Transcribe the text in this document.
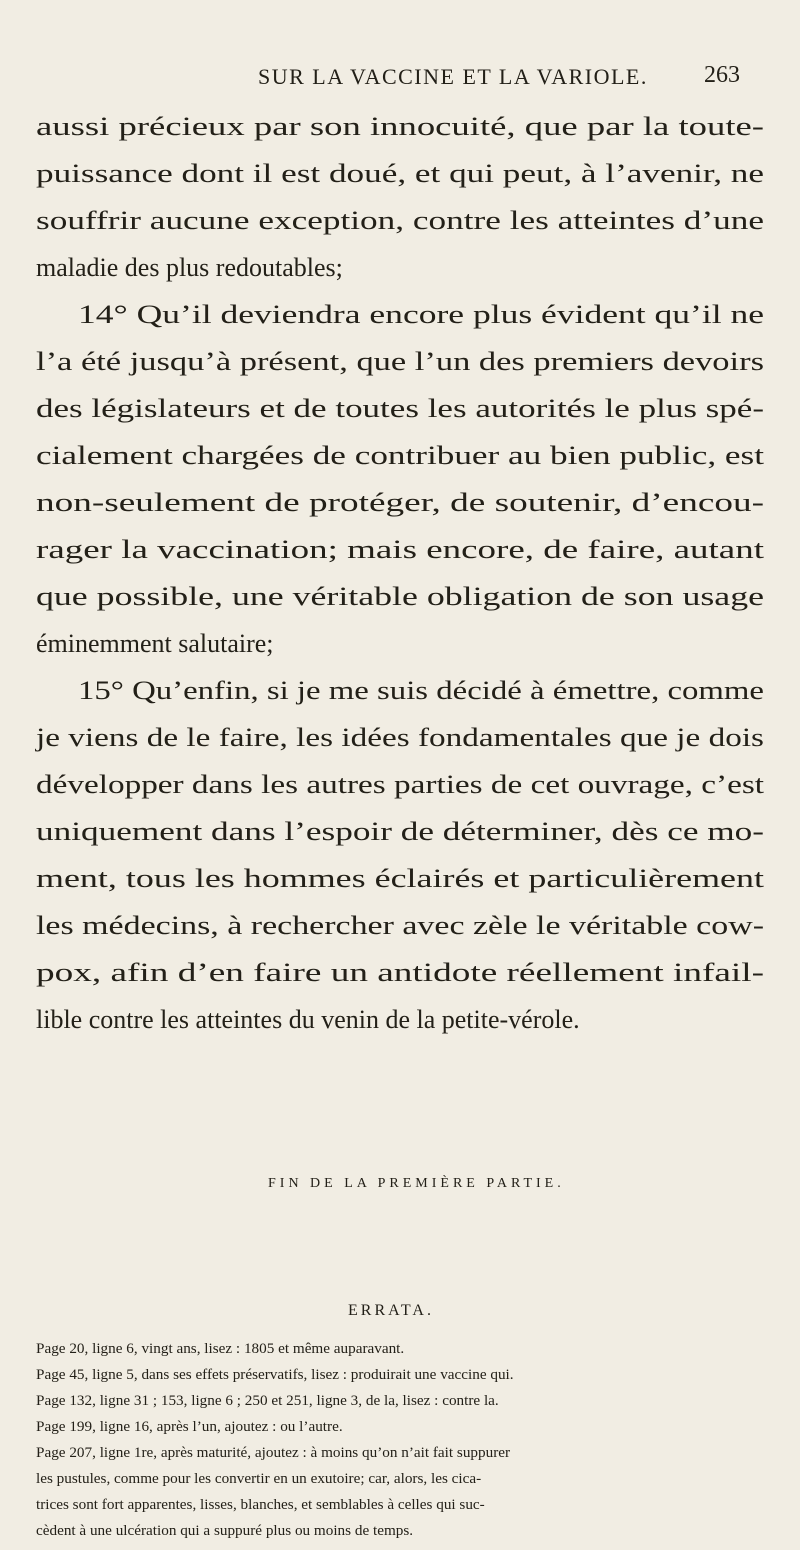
SUR LA VACCINE ET LA VARIOLE.	263
aussi précieux par son innocuité, que par la toute-
puissance dont il est doué, et qui peut, à l’avenir, ne
souffrir aucune exception, contre les atteintes d’une
maladie des plus redoutables;
14° Qu’il deviendra encore plus évident qu’il ne
l’a été jusqu’à présent, que l’un des premiers devoirs
des législateurs et de toutes les autorités le plus spé-
cialement chargées de contribuer au bien public, est
non-seulement de protéger, de soutenir, d’encou-
rager la vaccination; mais encore, de faire, autant
que possible, une véritable obligation de son usage
éminemment salutaire;
15° Qu’enfin, si je me suis décidé à émettre, comme
je viens de le faire, les idées fondamentales que je dois
développer dans les autres parties de cet ouvrage, c’est
uniquement dans l’espoir de déterminer, dès ce mo-
ment, tous les hommes éclairés et particulièrement
les médecins, à rechercher avec zèle le véritable cow-
pox, afin d’en faire un antidote réellement infail-
lible contre les atteintes du venin de la petite-vérole.
FIN DE LA PREMIÈRE PARTIE.
ERRATA.
Page 20, ligne 6, vingt ans, lisez : 1805 et même auparavant.
Page 45, ligne 5, dans ses effets préservatifs, lisez : produirait une vaccine qui.
Page 132, ligne 31 ; 153, ligne 6 ; 250 et 251, ligne 3, de la, lisez : contre la.
Page 199, ligne 16, après l’un, ajoutez : ou l’autre.
Page 207, ligne 1re, après maturité, ajoutez : à moins qu’on n’ait fait suppurer
les pustules, comme pour les convertir en un exutoire; car, alors, les cica-
trices sont fort apparentes, lisses, blanches, et semblables à celles qui suc-
cèdent à une ulcération qui a suppuré plus ou moins de temps.
